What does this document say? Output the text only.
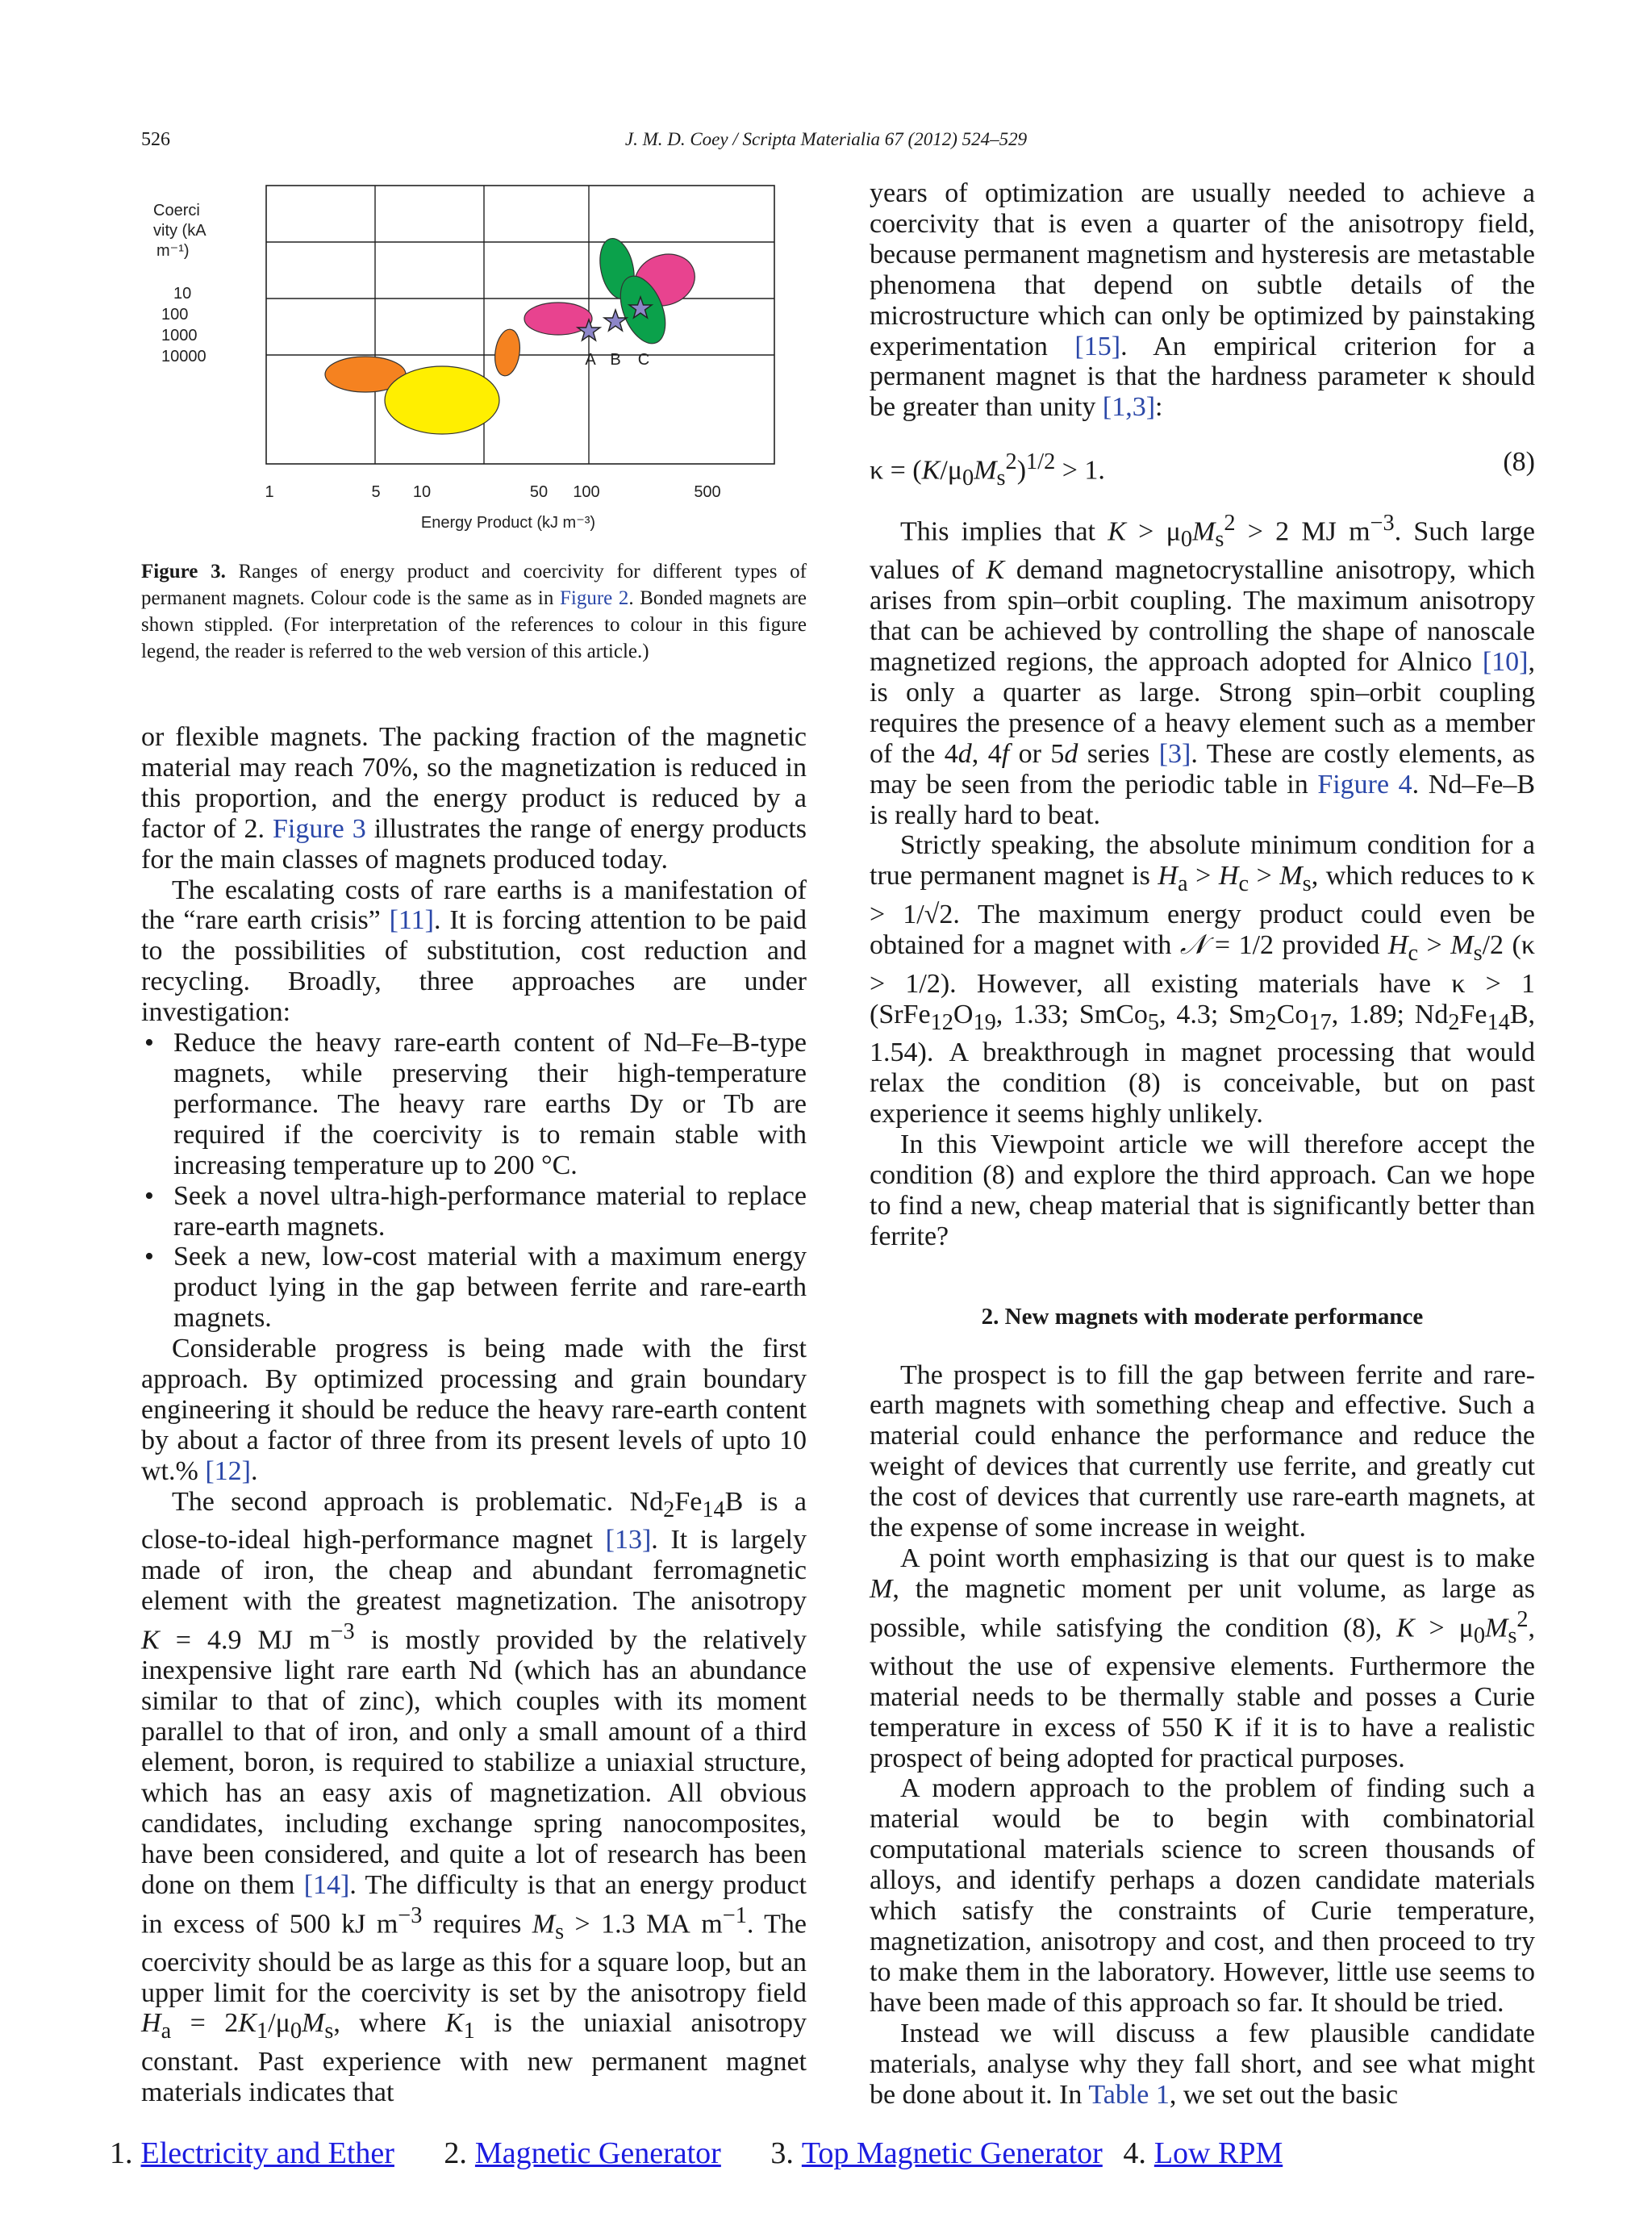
526	J. M. D. Coey / Scripta Materialia 67 (2012) 524–529
A B C
Coerci
vity (kA
m⁻¹)
10
100
1000
10000
1	5 10	50 100	500
Energy Product (kJ m⁻³)
Figure 3. Ranges of energy product and coercivity for different types of permanent magnets. Colour code is the same as in Figure 2. Bonded magnets are shown stippled. (For interpretation of the references to colour in this figure legend, the reader is referred to the web version of this article.)

or flexible magnets. The packing fraction of the magnetic material may reach 70%, so the magnetization is reduced in this proportion, and the energy product is reduced by a factor of 2. Figure 3 illustrates the range of energy products for the main classes of magnets produced today.

The escalating costs of rare earths is a manifestation of the “rare earth crisis” [11]. It is forcing attention to be paid to the possibilities of substitution, cost reduction and recycling. Broadly, three approaches are under investigation:

• Reduce the heavy rare-earth content of Nd–Fe–B-type magnets, while preserving their high-temperature performance. The heavy rare earths Dy or Tb are required if the coercivity is to remain stable with increasing temperature up to 200 °C.
• Seek a novel ultra-high-performance material to replace rare-earth magnets.
• Seek a new, low-cost material with a maximum energy product lying in the gap between ferrite and rare-earth magnets.

Considerable progress is being made with the first approach. By optimized processing and grain boundary engineering it should be reduce the heavy rare-earth content by about a factor of three from its present levels of upto 10 wt.% [12].

The second approach is problematic. $Nd_2Fe_{14}B$ is a close-to-ideal high-performance magnet [13]. It is largely made of iron, the cheap and abundant ferromagnetic element with the greatest magnetization. The anisotropy K = 4.9 MJ $m^{-3}$ is mostly provided by the relatively inexpensive light rare earth Nd (which has an abundance similar to that of zinc), which couples with its moment parallel to that of iron, and only a small amount of a third element, boron, is required to stabilize a uniaxial structure, which has an easy axis of magnetization. All obvious candidates, including exchange spring nanocomposites, have been considered, and quite a lot of research has been done on them [14]. The difficulty is that an energy product in excess of 500 kJ $m^{-3}$ requires $M_s > 1.3$ MA $m^{-1}$. The coercivity should be as large as this for a square loop, but an upper limit for the coercivity is set by the anisotropy field $H_a = 2K_1/\mu_0M_s$, where $K_1$ is the uniaxial anisotropy constant. Past experience with new permanent magnet materials indicates that

years of optimization are usually needed to achieve a coercivity that is even a quarter of the anisotropy field, because permanent magnetism and hysteresis are metastable phenomena that depend on subtle details of the microstructure which can only be optimized by painstaking experimentation [15]. An empirical criterion for a permanent magnet is that the hardness parameter κ should be greater than unity [1,3]:

$\kappa = (K/\mu_0M_s^2)^{1/2} > 1$.	(8)

This implies that $K > \mu_0M_s^2 > 2$ MJ $m^{-3}$. Such large values of K demand magnetocrystalline anisotropy, which arises from spin–orbit coupling. The maximum anisotropy that can be achieved by controlling the shape of nanoscale magnetized regions, the approach adopted for Alnico [10], is only a quarter as large. Strong spin–orbit coupling requires the presence of a heavy element such as a member of the 4d, 4f or 5d series [3]. These are costly elements, as may be seen from the periodic table in Figure 4. Nd–Fe–B is really hard to beat.

Strictly speaking, the absolute minimum condition for a true permanent magnet is $H_a > H_c > M_s$, which reduces to κ > 1/√2. The maximum energy product could even be obtained for a magnet with 𝒩 = 1/2 provided $H_c > M_s/2$ (κ > 1/2). However, all existing materials have κ > 1 ($SrFe_{12}O_{19}$, 1.33; SmCo$_5$, 4.3; $Sm_2Co_{17}$, 1.89; $Nd_2Fe_{14}B$, 1.54). A breakthrough in magnet processing that would relax the condition (8) is conceivable, but on past experience it seems highly unlikely.

In this Viewpoint article we will therefore accept the condition (8) and explore the third approach. Can we hope to find a new, cheap material that is significantly better than ferrite?

2. New magnets with moderate performance

The prospect is to fill the gap between ferrite and rare-earth magnets with something cheap and effective. Such a material could enhance the performance and reduce the weight of devices that currently use ferrite, and greatly cut the cost of devices that currently use rare-earth magnets, at the expense of some increase in weight.

A point worth emphasizing is that our quest is to make M, the magnetic moment per unit volume, as large as possible, while satisfying the condition (8), $K > \mu_0M_s^2$, without the use of expensive elements. Furthermore the material needs to be thermally stable and posses a Curie temperature in excess of 550 K if it is to have a realistic prospect of being adopted for practical purposes.

A modern approach to the problem of finding such a material would be to begin with combinatorial computational materials science to screen thousands of alloys, and identify perhaps a dozen candidate materials which satisfy the constraints of Curie temperature, magnetization, anisotropy and cost, and then proceed to try to make them in the laboratory. However, little use seems to have been made of this approach so far. It should be tried.

Instead we will discuss a few plausible candidate materials, analyse why they fall short, and see what might be done about it. In Table 1, we set out the basic

1. Electricity and Ether 2. Magnetic Generator 3. Top Magnetic Generator 4. Low RPM
